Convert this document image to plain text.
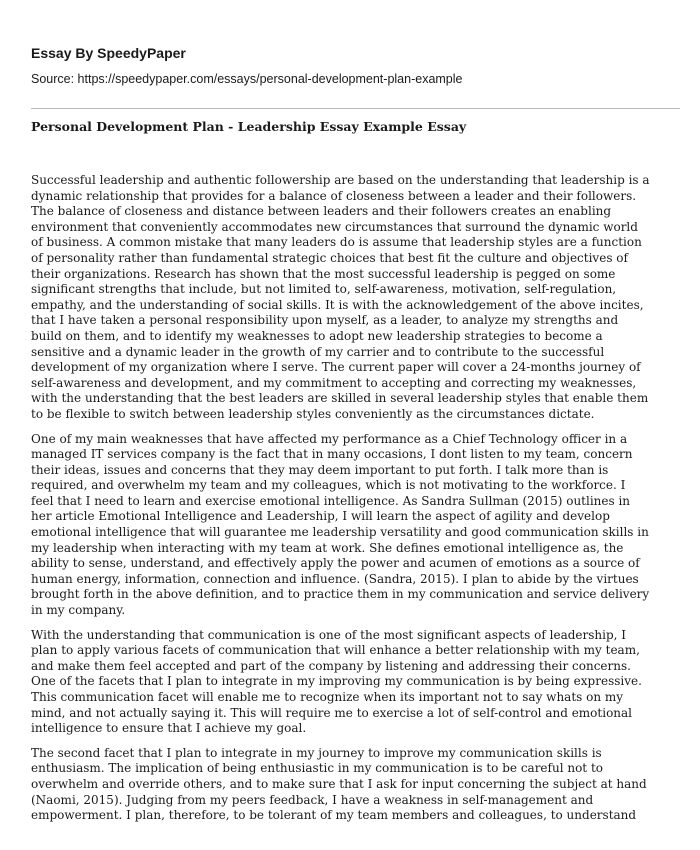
Essay By SpeedyPaper
Source: https://speedypaper.com/essays/personal-development-plan-example
Personal Development Plan - Leadership Essay Example Essay

Successful leadership and authentic followership are based on the understanding that leadership is a
dynamic relationship that provides for a balance of closeness between a leader and their followers.
The balance of closeness and distance between leaders and their followers creates an enabling
environment that conveniently accommodates new circumstances that surround the dynamic world
of business. A common mistake that many leaders do is assume that leadership styles are a function
of personality rather than fundamental strategic choices that best fit the culture and objectives of
their organizations. Research has shown that the most successful leadership is pegged on some
significant strengths that include, but not limited to, self-awareness, motivation, self-regulation,
empathy, and the understanding of social skills. It is with the acknowledgement of the above incites,
that I have taken a personal responsibility upon myself, as a leader, to analyze my strengths and
build on them, and to identify my weaknesses to adopt new leadership strategies to become a
sensitive and a dynamic leader in the growth of my carrier and to contribute to the successful
development of my organization where I serve. The current paper will cover a 24-months journey of
self-awareness and development, and my commitment to accepting and correcting my weaknesses,
with the understanding that the best leaders are skilled in several leadership styles that enable them
to be flexible to switch between leadership styles conveniently as the circumstances dictate.

One of my main weaknesses that have affected my performance as a Chief Technology officer in a
managed IT services company is the fact that in many occasions, I dont listen to my team, concern
their ideas, issues and concerns that they may deem important to put forth. I talk more than is
required, and overwhelm my team and my colleagues, which is not motivating to the workforce. I
feel that I need to learn and exercise emotional intelligence. As Sandra Sullman (2015) outlines in
her article Emotional Intelligence and Leadership, I will learn the aspect of agility and develop
emotional intelligence that will guarantee me leadership versatility and good communication skills in
my leadership when interacting with my team at work. She defines emotional intelligence as, the
ability to sense, understand, and effectively apply the power and acumen of emotions as a source of
human energy, information, connection and influence. (Sandra, 2015). I plan to abide by the virtues
brought forth in the above definition, and to practice them in my communication and service delivery
in my company.

With the understanding that communication is one of the most significant aspects of leadership, I
plan to apply various facets of communication that will enhance a better relationship with my team,
and make them feel accepted and part of the company by listening and addressing their concerns.
One of the facets that I plan to integrate in my improving my communication is by being expressive.
This communication facet will enable me to recognize when its important not to say whats on my
mind, and not actually saying it. This will require me to exercise a lot of self-control and emotional
intelligence to ensure that I achieve my goal.

The second facet that I plan to integrate in my journey to improve my communication skills is
enthusiasm. The implication of being enthusiastic in my communication is to be careful not to
overwhelm and override others, and to make sure that I ask for input concerning the subject at hand
(Naomi, 2015). Judging from my peers feedback, I have a weakness in self-management and
empowerment. I plan, therefore, to be tolerant of my team members and colleagues, to understand
